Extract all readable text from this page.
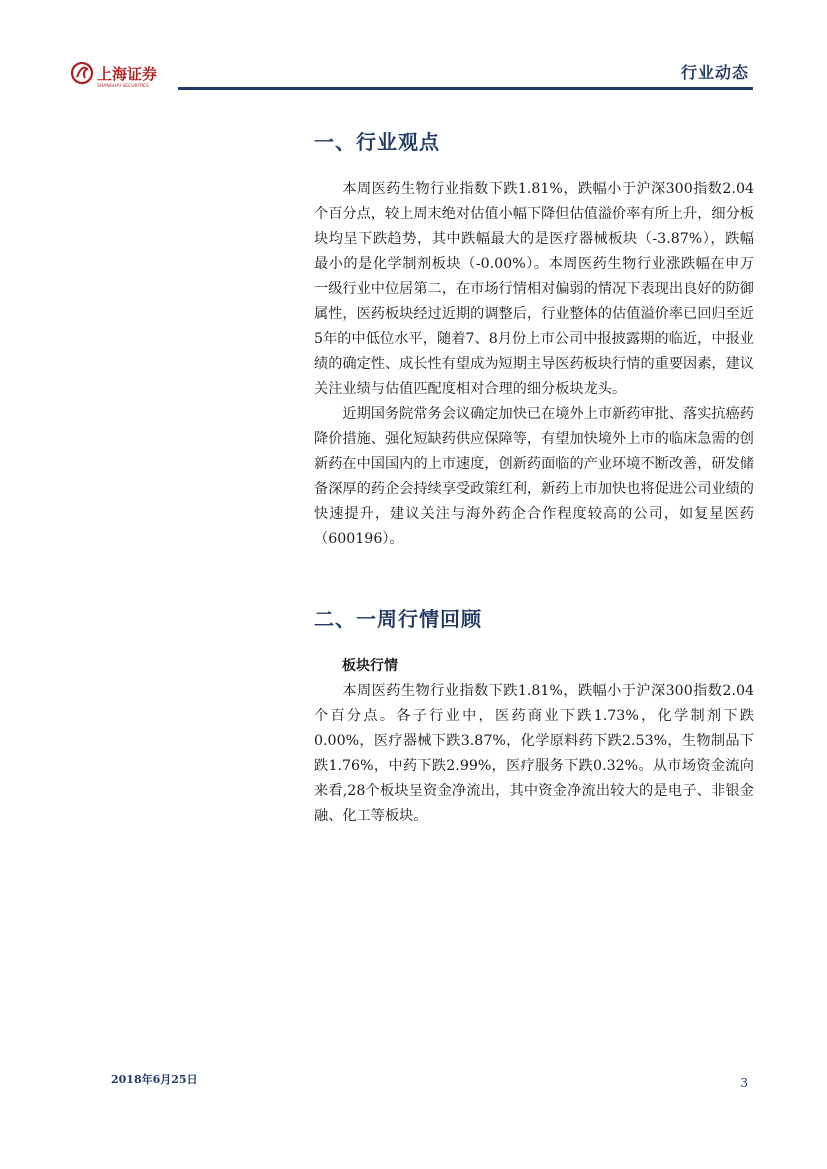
上海证券
SHANGHAI SECURITIES
行业动态
一、行业观点

本周医药生物行业指数下跌1.81%，跌幅小于沪深300指数2.04个百分点，较上周末绝对估值小幅下降但估值溢价率有所上升，细分板块均呈下跌趋势，其中跌幅最大的是医疗器械板块（-3.87%），跌幅最小的是化学制剂板块（-0.00%）。本周医药生物行业涨跌幅在申万一级行业中位居第二，在市场行情相对偏弱的情况下表现出良好的防御属性，医药板块经过近期的调整后，行业整体的估值溢价率已回归至近5年的中低位水平，随着7、8月份上市公司中报披露期的临近，中报业绩的确定性、成长性有望成为短期主导医药板块行情的重要因素，建议关注业绩与估值匹配度相对合理的细分板块龙头。

近期国务院常务会议确定加快已在境外上市新药审批、落实抗癌药降价措施、强化短缺药供应保障等，有望加快境外上市的临床急需的创新药在中国国内的上市速度，创新药面临的产业环境不断改善，研发储备深厚的药企会持续享受政策红利，新药上市加快也将促进公司业绩的快速提升，建议关注与海外药企合作程度较高的公司，如复星医药（600196）。

二、一周行情回顾
板块行情

本周医药生物行业指数下跌1.81%，跌幅小于沪深300指数2.04个百分点。各子行业中，医药商业下跌1.73%，化学制剂下跌0.00%，医疗器械下跌3.87%，化学原料药下跌2.53%，生物制品下跌1.76%，中药下跌2.99%，医疗服务下跌0.32%。从市场资金流向来看,28个板块呈资金净流出，其中资金净流出较大的是电子、非银金融、化工等板块。

2018年6月25日	3
